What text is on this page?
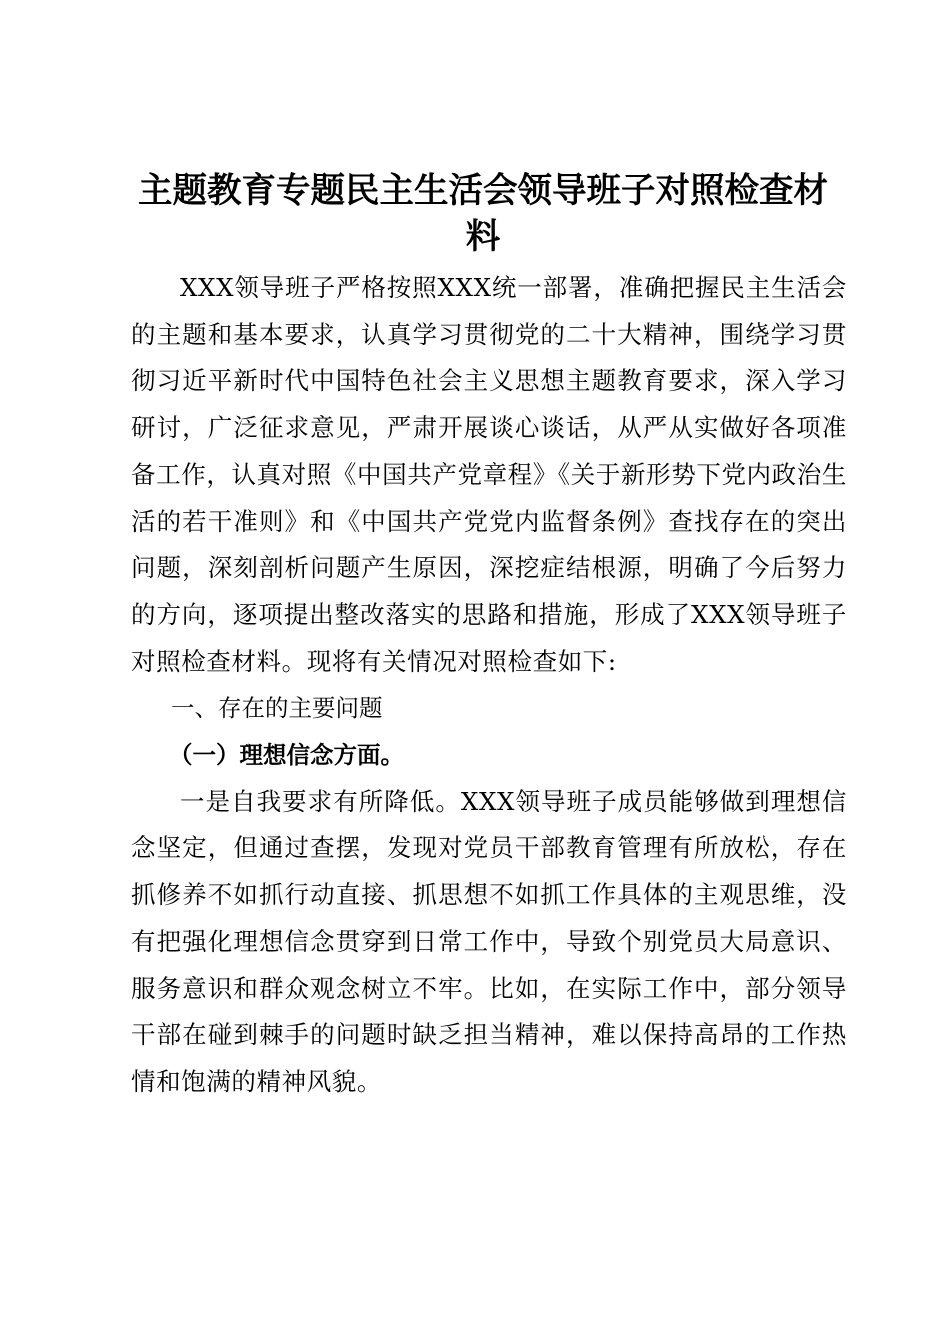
主题教育专题民主生活会领导班子对照检查材料

XXX领导班子严格按照XXX统一部署，准确把握民主生活会的主题和基本要求，认真学习贯彻党的二十大精神，围绕学习贯彻习近平新时代中国特色社会主义思想主题教育要求，深入学习研讨，广泛征求意见，严肃开展谈心谈话，从严从实做好各项准备工作，认真对照《中国共产党章程》《关于新形势下党内政治生活的若干准则》和《中国共产党党内监督条例》查找存在的突出问题，深刻剖析问题产生原因，深挖症结根源，明确了今后努力的方向，逐项提出整改落实的思路和措施，形成了XXX领导班子对照检查材料。现将有关情况对照检查如下:

一、存在的主要问题

（一）理想信念方面。

一是自我要求有所降低。XXX领导班子成员能够做到理想信念坚定，但通过查摆，发现对党员干部教育管理有所放松，存在抓修养不如抓行动直接、抓思想不如抓工作具体的主观思维，没有把强化理想信念贯穿到日常工作中，导致个别党员大局意识、服务意识和群众观念树立不牢。比如，在实际工作中，部分领导干部在碰到棘手的问题时缺乏担当精神，难以保持高昂的工作热情和饱满的精神风貌。
